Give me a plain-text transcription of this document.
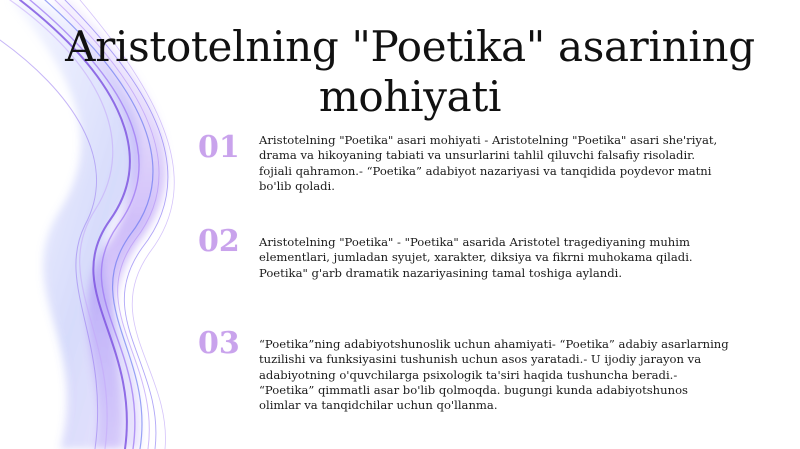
Aristotelning "Poetika" asarining mohiyati
01	Aristotelning "Poetika" asari mohiyati - Aristotelning "Poetika" asari she'riyat, drama va hikoyaning tabiati va unsurlarini tahlil qiluvchi falsafiy risoladir. fojiali qahramon.- “Poetika” adabiyot nazariyasi va tanqidida poydevor matni bo'lib qoladi.
02	Aristotelning "Poetika" - "Poetika" asarida Aristotel tragediyaning muhim elementlari, jumladan syujet, xarakter, diksiya va fikrni muhokama qiladi. Poetika" g'arb dramatik nazariyasining tamal toshiga aylandi.
03	“Poetika”ning adabiyotshunoslik uchun ahamiyati- “Poetika” adabiy asarlarning tuzilishi va funksiyasini tushunish uchun asos yaratadi.- U ijodiy jarayon va adabiyotning o'quvchilarga psixologik ta'siri haqida tushuncha beradi.- “Poetika” qimmatli asar bo'lib qolmoqda. bugungi kunda adabiyotshunos olimlar va tanqidchilar uchun qo'llanma.
